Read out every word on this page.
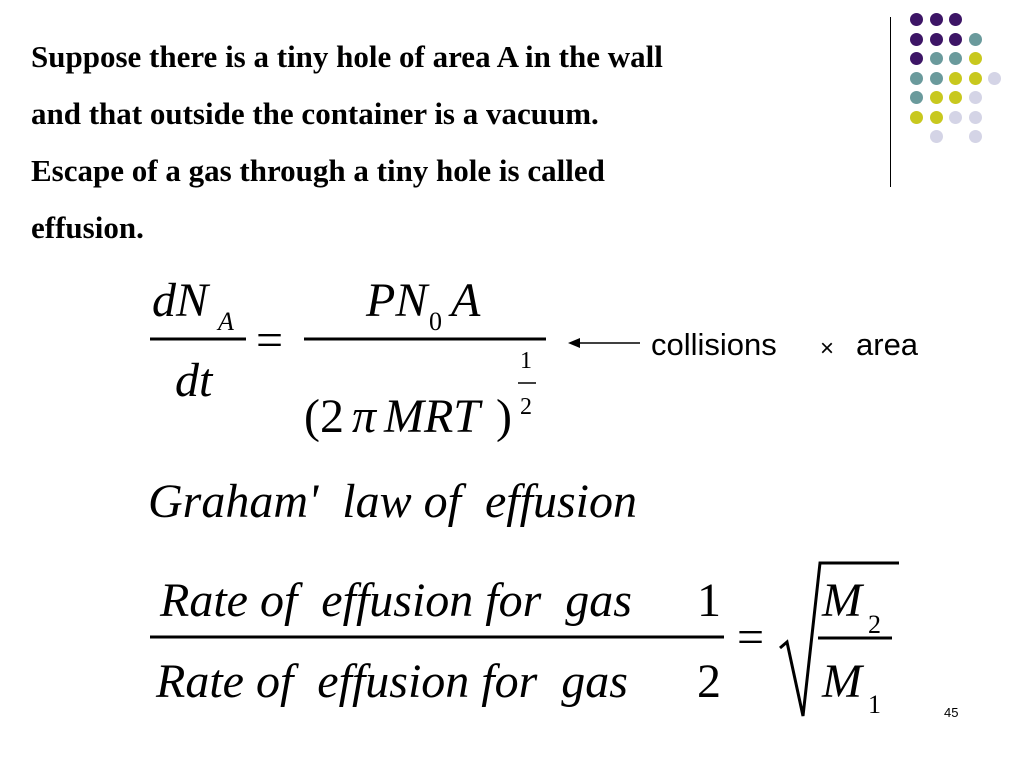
Suppose there is a tiny hole of area A in the wall
and that outside the container is a vacuum.
Escape of a gas through a tiny hole is called
effusion.
dN A
dt
=
PN 0 A
(2 π MRT )
1
2
collisions × area
Graham'  law of  effusion
Rate of  effusion for  gas 1
Rate of  effusion for  gas 2
=
M 2
M 1	45
